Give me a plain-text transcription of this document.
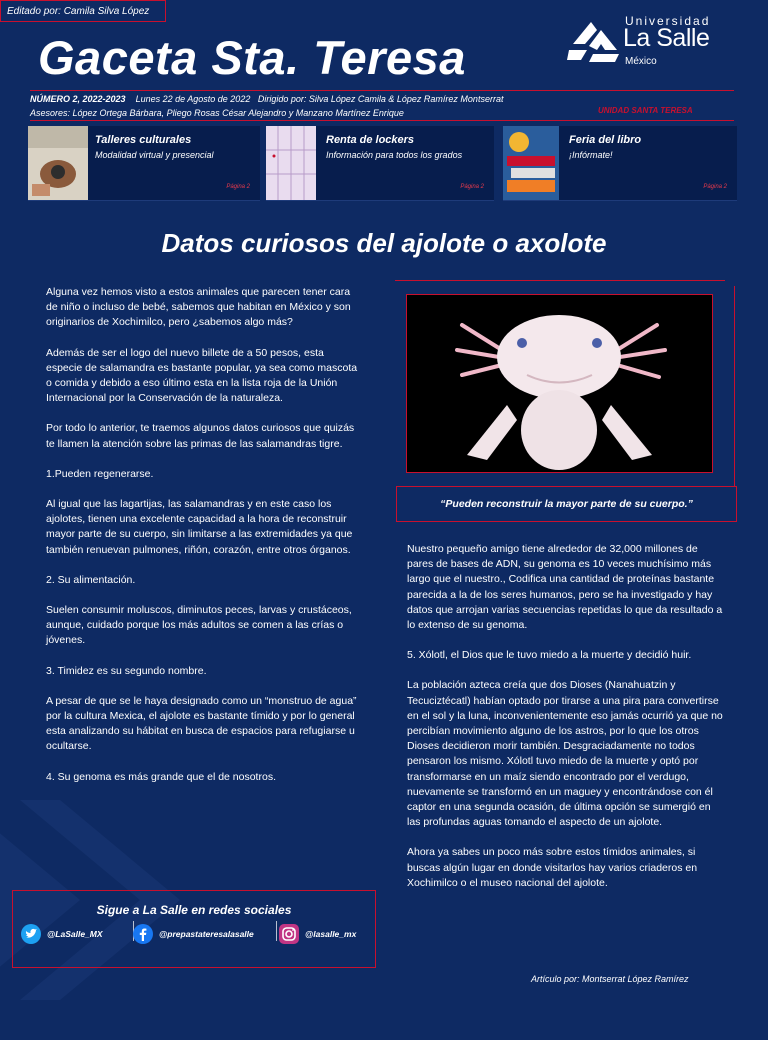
Editado por: Camila Silva López
Gaceta Sta. Teresa
Universidad
La Salle
México
NÚMERO 2, 2022-2023 Lunes 22 de Agosto de 2022 Dirigido por: Silva López Camila & López Ramírez Montserrat
Asesores: López Ortega Bárbara, Pliego Rosas César Alejandro y Manzano Martínez Enrique	UNIDAD SANTA TERESA
Talleres culturales
Modalidad virtual y presencial
Página 2
Renta de lockers
Información para todos los grados
Página 2
Feria del libro
¡Infórmate!
Página 2
Datos curiosos del ajolote o axolote

Alguna vez hemos visto a estos animales que parecen tener cara de niño o incluso de bebé, sabemos que habitan en México y son originarios de Xochimilco, pero ¿sabemos algo más?

Además de ser el logo del nuevo billete de a 50 pesos, esta especie de salamandra es bastante popular, ya sea como mascota o comida y debido a eso último esta en la lista roja de la Unión Internacional por la Conservación de la naturaleza.

Por todo lo anterior, te traemos algunos datos curiosos que quizás te llamen la atención sobre las primas de las salamandras tigre.

1.Pueden regenerarse.

Al igual que las lagartijas, las salamandras y en este caso los ajolotes, tienen una excelente capacidad a la hora de reconstruir mayor parte de su cuerpo, sin limitarse a las extremidades ya que también renuevan pulmones, riñón, corazón, entre otros órganos.

2. Su alimentación.

Suelen consumir moluscos, diminutos peces, larvas y crustáceos, aunque, cuidado porque los más adultos se comen a las crías o jóvenes.

3. Timidez es su segundo nombre.

A pesar de que se le haya designado como un “monstruo de agua” por la cultura Mexica, el ajolote es bastante tímido y por lo general esta analizando su hábitat en busca de espacios para refugiarse u ocultarse.

4. Su genoma es más grande que el de nosotros.

“Pueden reconstruir la mayor parte de su cuerpo.”

Nuestro pequeño amigo tiene alrededor de 32,000 millones de pares de bases de ADN, su genoma es 10 veces muchísimo más largo que el nuestro., Codifica una cantidad de proteínas bastante parecida a la de los seres humanos, pero se ha investigado y hay datos que arrojan varias secuencias repetidas lo que da resultado a lo extenso de su genoma.

5. Xólotl, el Dios que le tuvo miedo a la muerte y decidió huir.

La población azteca creía que dos Dioses (Nanahuatzin y Tecuciztécatl) habían optado por tirarse a una pira para convertirse en el sol y la luna, inconvenientemente eso jamás ocurrió ya que no percibían movimiento alguno de los astros, por lo que los otros Dioses decidieron morir también. Desgraciadamente no todos pensaron los mismo. Xólotl tuvo miedo de la muerte y optó por transformarse en un maíz siendo encontrado por el verdugo, nuevamente se transformó en un maguey y encontrándose con él captor en una segunda ocasión, de última opción se sumergió en las profundas aguas tomando el aspecto de un ajolote.

Ahora ya sabes un poco más sobre estos tímidos animales, si buscas algún lugar en donde visitarlos hay varios criaderos en Xochimilco o el museo nacional del ajolote.

Sigue a La Salle en redes sociales
@LaSalle_MX	@prepastateresalasalle	@lasalle_mx
Artículo por: Montserrat López Ramírez
